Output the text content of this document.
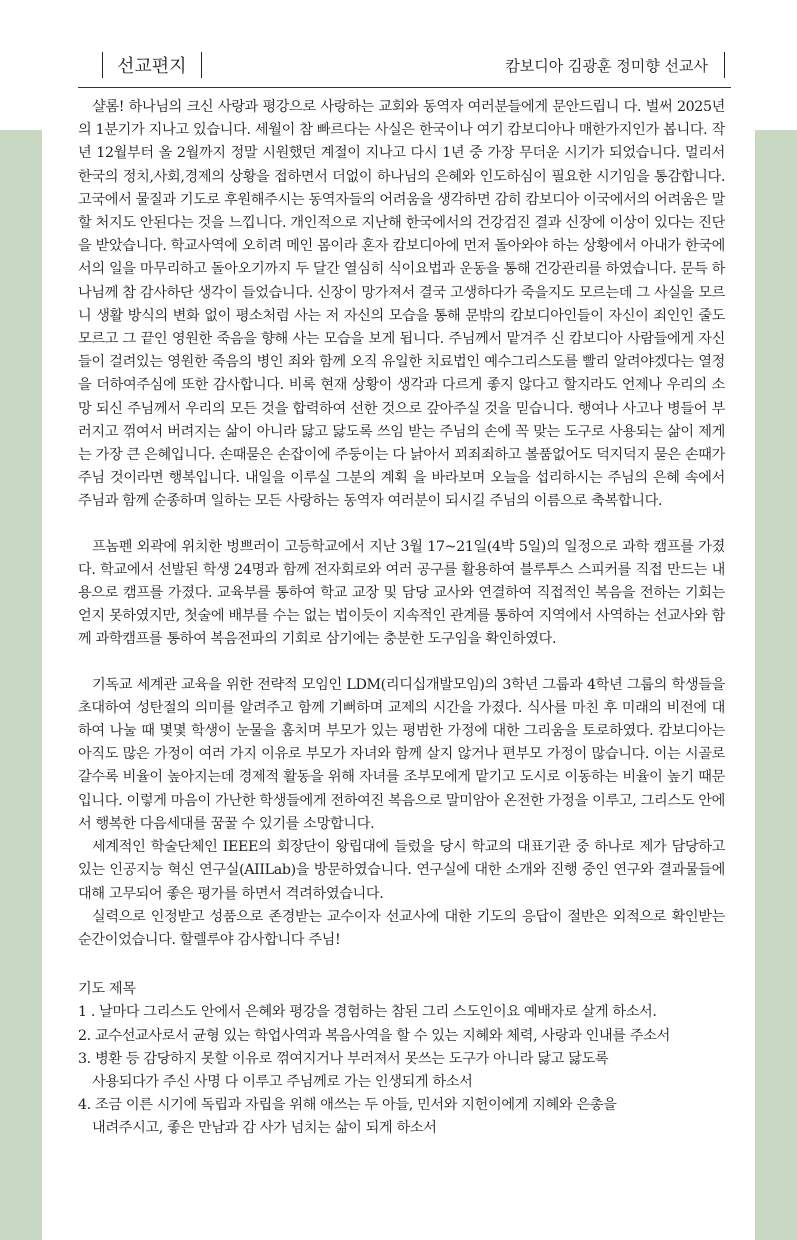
선교편지	캄보디아 김광훈 정미향 선교사

샬롬! 하나님의 크신 사랑과 평강으로 사랑하는 교회와 동역자 여러분들에게 문안드립니 다. 벌써 2025년의 1분기가 지나고 있습니다. 세월이 참 빠르다는 사실은 한국이나 여기 캄보디아나 매한가지인가 봅니다. 작년 12월부터 올 2월까지 정말 시원했던 계절이 지나고 다시 1년 중 가장 무더운 시기가 되었습니다. 멀리서 한국의 정치,사회,경제의 상황을 접하면서 더없이 하나님의 은혜와 인도하심이 필요한 시기임을 통감합니다. 고국에서 물질과 기도로 후원해주시는 동역자들의 어려움을 생각하면 감히 캄보디아 이국에서의 어려움은 말할 처지도 안된다는 것을 느낍니다. 개인적으로 지난해 한국에서의 건강검진 결과 신장에 이상이 있다는 진단을 받았습니다. 학교사역에 오히려 메인 몸이라 혼자 캄보디아에 먼저 돌아와야 하는 상황에서 아내가 한국에서의 일을 마무리하고 돌아오기까지 두 달간 열심히 식이요법과 운동을 통해 건강관리를 하였습니다. 문득 하나님께 참 감사하단 생각이 들었습니다. 신장이 망가져서 결국 고생하다가 죽을지도 모르는데 그 사실을 모르니 생활 방식의 변화 없이 평소처럼 사는 저 자신의 모습을 통해 문밖의 캄보디아인들이 자신이 죄인인 줄도 모르고 그 끝인 영원한 죽음을 향해 사는 모습을 보게 됩니다. 주님께서 맡겨주 신 캄보디아 사람들에게 자신들이 걸려있는 영원한 죽음의 병인 죄와 함께 오직 유일한 치료법인 예수그리스도를 빨리 알려야겠다는 열정을 더하여주심에 또한 감사합니다. 비록 현재 상황이 생각과 다르게 좋지 않다고 할지라도 언제나 우리의 소망 되신 주님께서 우리의 모든 것을 합력하여 선한 것으로 갚아주실 것을 믿습니다. 행여나 사고나 병들어 부러지고 꺾여서 버려지는 삶이 아니라 닳고 닳도록 쓰임 받는 주님의 손에 꼭 맞는 도구로 사용되는 삶이 제게는 가장 큰 은혜입니다. 손때묻은 손잡이에 주둥이는 다 낡아서 꾀죄죄하고 볼품없어도 덕지덕지 묻은 손때가 주님 것이라면 행복입니다. 내일을 이루실 그분의 계획 을 바라보며 오늘을 섭리하시는 주님의 은혜 속에서 주님과 함께 순종하며 일하는 모든 사랑하는 동역자 여러분이 되시길 주님의 이름으로 축복합니다.

프놈펜 외곽에 위치한 벙쁘러이 고등학교에서 지난 3월 17~21일(4박 5일)의 일정으로 과학 캠프를 가졌다. 학교에서 선발된 학생 24명과 함께 전자회로와 여러 공구를 활용하여 블루투스 스피커를 직접 만드는 내용으로 캠프를 가졌다. 교육부를 통하여 학교 교장 및 담당 교사와 연결하여 직접적인 복음을 전하는 기회는 얻지 못하였지만, 첫술에 배부를 수는 없는 법이듯이 지속적인 관계를 통하여 지역에서 사역하는 선교사와 함께 과학캠프를 통하여 복음전파의 기회로 삼기에는 충분한 도구임을 확인하였다.

기독교 세계관 교육을 위한 전략적 모임인 LDM(리디십개발모임)의 3학년 그룹과 4학년 그룹의 학생들을 초대하여 성탄절의 의미를 알려주고 함께 기뻐하며 교제의 시간을 가졌다. 식사를 마친 후 미래의 비전에 대하여 나눌 때 몇몇 학생이 눈물을 훔치며 부모가 있는 평범한 가정에 대한 그리움을 토로하였다. 캄보디아는 아직도 많은 가정이 여러 가지 이유로 부모가 자녀와 함께 살지 않거나 편부모 가정이 많습니다. 이는 시골로 갈수록 비율이 높아지는데 경제적 활동을 위해 자녀를 조부모에게 맡기고 도시로 이동하는 비율이 높기 때문입니다. 이렇게 마음이 가난한 학생들에게 전하여진 복음으로 말미암아 온전한 가정을 이루고, 그리스도 안에서 행복한 다음세대를 꿈꿀 수 있기를 소망합니다.

세계적인 학술단체인 IEEE의 회장단이 왕립대에 들렀을 당시 학교의 대표기관 중 하나로 제가 담당하고 있는 인공지능 혁신 연구실(AIILab)을 방문하였습니다. 연구실에 대한 소개와 진행 중인 연구와 결과물들에 대해 고무되어 좋은 평가를 하면서 격려하였습니다.

실력으로 인정받고 성품으로 존경받는 교수이자 선교사에 대한 기도의 응답이 절반은 외적으로 확인받는 순간이었습니다. 할렐루야 감사합니다 주님!

기도 제목
1 . 날마다 그리스도 안에서 은혜와 평강을 경험하는 참된 그리 스도인이요 예배자로 살게 하소서.
2. 교수선교사로서 균형 있는 학업사역과 복음사역을 할 수 있는 지혜와 체력, 사랑과 인내를 주소서
3. 병환 등 감당하지 못할 이유로 꺾여지거나 부러져서 못쓰는 도구가 아니라 닳고 닳도록
사용되다가 주신 사명 다 이루고 주님께로 가는 인생되게 하소서
4. 조금 이른 시기에 독립과 자립을 위해 애쓰는 두 아들, 민서와 지헌이에게 지혜와 은총을
내려주시고, 좋은 만남과 감 사가 넘치는 삶이 되게 하소서
